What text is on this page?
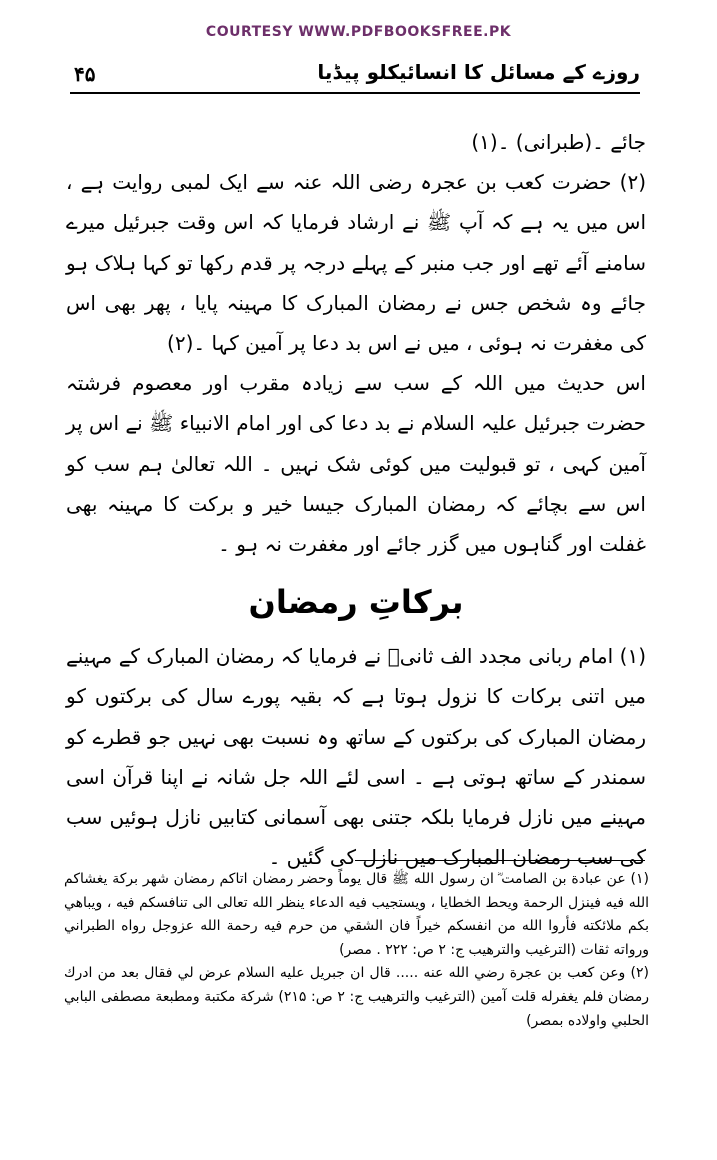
COURTESY WWW.PDFBOOKSFREE.PK
۴۵	روزے کے مسائل کا انسائیکلو پیڈیا

جائے ۔(طبرانی) ۔(۱)

(۲) حضرت کعب بن عجرہ رضی اللہ عنہ سے ایک لمبی روایت ہے ، اس میں یہ ہے کہ آپ ﷺ نے ارشاد فرمایا کہ اس وقت جبرئیل میرے سامنے آئے تھے اور جب منبر کے پہلے درجہ پر قدم رکھا تو کہا ہلاک ہو جائے وہ شخص جس نے رمضان المبارک کا مہینہ پایا ، پھر بھی اس کی مغفرت نہ ہوئی ، میں نے اس بد دعا پر آمین کہا ۔(۲)

اس حدیث میں اللہ کے سب سے زیادہ مقرب اور معصوم فرشتہ حضرت جبرئیل علیہ السلام نے بد دعا کی اور امام الانبیاء ﷺ نے اس پر آمین کہی ، تو قبولیت میں کوئی شک نہیں ۔ اللہ تعالیٰ ہم سب کو اس سے بچائے کہ رمضان المبارک جیسا خیر و برکت کا مہینہ بھی غفلت اور گناہوں میں گزر جائے اور مغفرت نہ ہو ۔

برکاتِ رمضان

(۱) امام ربانی مجدد الف ثانیؒ نے فرمایا کہ رمضان المبارک کے مہینے میں اتنی برکات کا نزول ہوتا ہے کہ بقیہ پورے سال کی برکتوں کو رمضان المبارک کی برکتوں کے ساتھ وہ نسبت بھی نہیں جو قطرے کو سمندر کے ساتھ ہوتی ہے ۔ اسی لئے اللہ جل شانہ نے اپنا قرآن اسی مہینے میں نازل فرمایا بلکہ جتنی بھی آسمانی کتابیں نازل ہوئیں سب کی سب رمضان المبارک میں نازل کی گئیں ۔

(۱) عن عبادة بن الصامت ؓ ان رسول الله ﷺ قال يوماً وحضر رمضان اتاكم رمضان شهر بركة يغشاكم الله فيه فينزل الرحمة ويحط الخطايا ، ويستجيب فيه الدعاء ينظر الله تعالى الى تنافسكم فيه ، ويباهي بكم ملائكته فأروا الله من انفسكم خيراً فان الشقي من حرم فيه رحمة الله عزوجل رواه الطبراني ورواته ثقات (الترغيب والترهيب ج: ۲ ص: ۲۲۲ . مصر)

(۲) وعن كعب بن عجرة رضي الله عنه ..... قال ان جبريل عليه السلام عرض لي فقال بعد من ادرك رمضان فلم يغفرله قلت آمين (الترغيب والترهيب ج: ۲ ص: ۲۱۵) شركة مكتبة ومطبعة مصطفى البابي الحلبي واولاده بمصر)
